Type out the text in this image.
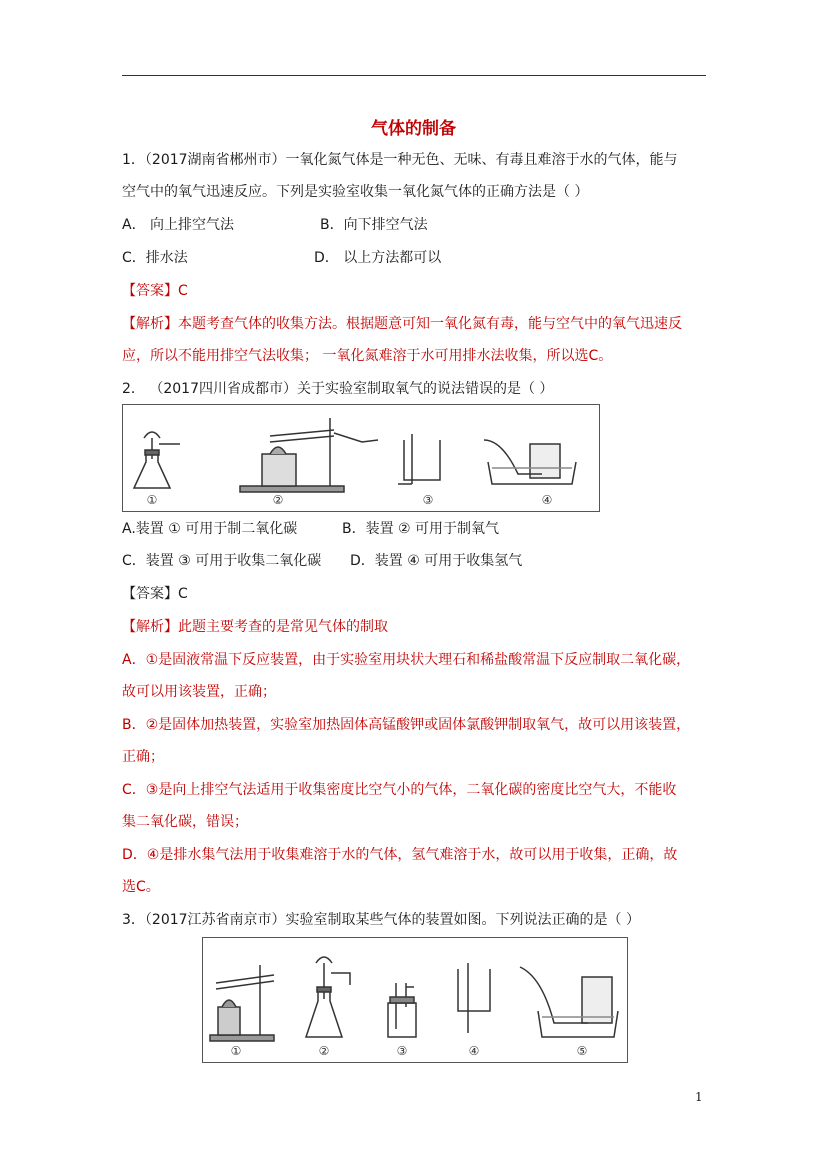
气体的制备
1．（2017湖南省郴州市）一氧化氮气体是一种无色、无味、有毒且难溶于水的气体，能与
空气中的氧气迅速反应。下列是实验室收集一氧化氮气体的正确方法是（ ）
A． 向上排空气法	B．向下排空气法
C．排水法	D． 以上方法都可以
【答案】C
【解析】本题考查气体的收集方法。根据题意可知一氧化氮有毒，能与空气中的氧气迅速反
应，所以不能用排空气法收集； 一氧化氮难溶于水可用排水法收集，所以选C。
2． （2017四川省成都市）关于实验室制取氧气的说法错误的是（ ）
①	②	③	④
A.装置 ① 可用于制二氧化碳	B．装置 ② 可用于制氧气
C．装置 ③ 可用于收集二氧化碳 D．装置 ④ 可用于收集氢气
【答案】C
【解析】此题主要考查的是常见气体的制取
A．①是固液常温下反应装置，由于实验室用块状大理石和稀盐酸常温下反应制取二氧化碳，
故可以用该装置，正确；
B．②是固体加热装置，实验室加热固体高锰酸钾或固体氯酸钾制取氧气，故可以用该装置，
正确；
C．③是向上排空气法适用于收集密度比空气小的气体，二氧化碳的密度比空气大，不能收
集二氧化碳，错误；
D．④是排水集气法用于收集难溶于水的气体，氢气难溶于水，故可以用于收集，正确，故
选C。
3．（2017江苏省南京市）实验室制取某些气体的装置如图。下列说法正确的是（ ）
①	②	③	④	⑤
1
